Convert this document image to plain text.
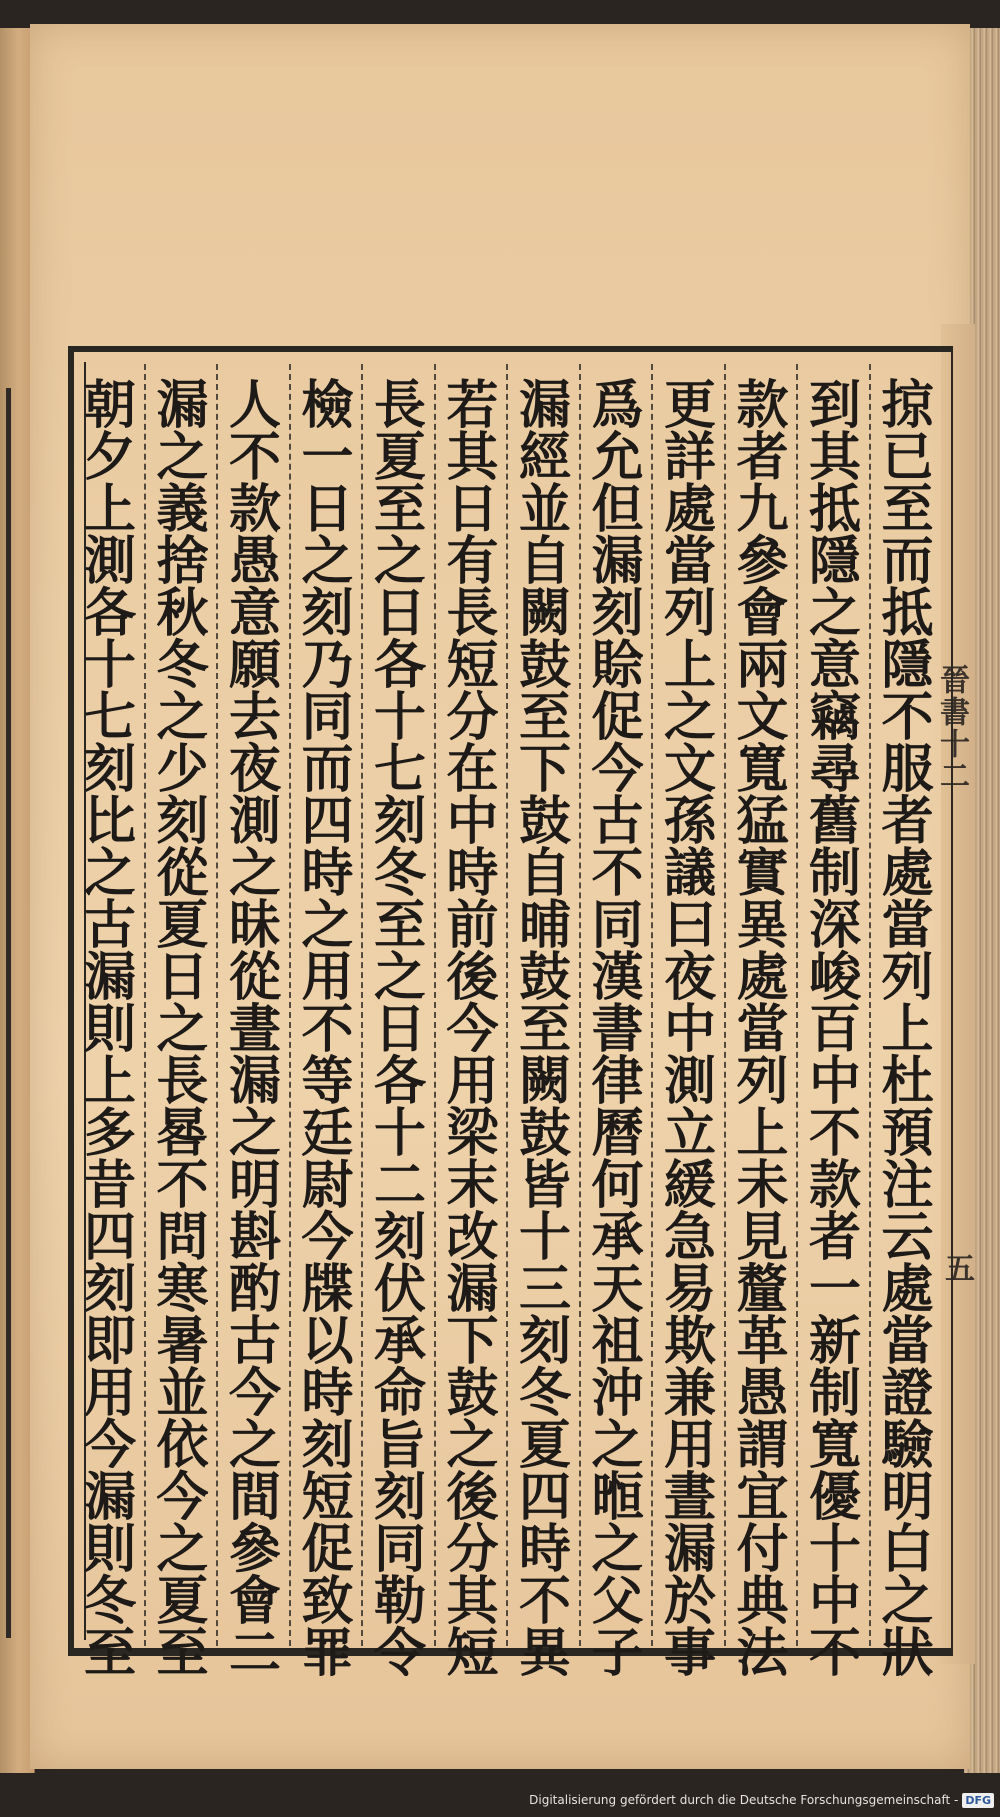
晉書十二
五
掠
已
至
而
抵
隱
不
服
者
處
當
列
上
杜
預
注
云
處
當
證
驗
明
白
之
狀
到
其
抵
隱
之
意
竊
尋
舊
制
深
峻
百
中
不
款
者
一
新
制
寬
優
十
中
不
款
者
九
參
會
兩
文
寬
猛
實
異
處
當
列
上
未
見
釐
革
愚
謂
宜
付
典
法
更
詳
處
當
列
上
之
文
孫
議
曰
夜
中
測
立
緩
急
易
欺
兼
用
晝
漏
於
事
爲
允
但
漏
刻
賒
促
今
古
不
同
漢
書
律
曆
何
承
天
祖
沖
之
暅
之
父
子
漏
經
並
自
闕
鼓
至
下
鼓
自
晡
鼓
至
闕
鼓
皆
十
三
刻
冬
夏
四
時
不
異
若
其
日
有
長
短
分
在
中
時
前
後
今
用
梁
末
改
漏
下
鼓
之
後
分
其
短
長
夏
至
之
日
各
十
七
刻
冬
至
之
日
各
十
二
刻
伏
承
命
旨
刻
同
勒
令
檢
一
日
之
刻
乃
同
而
四
時
之
用
不
等
廷
尉
今
牒
以
時
刻
短
促
致
罪
人
不
款
愚
意
願
去
夜
測
之
昧
從
晝
漏
之
明
斟
酌
古
今
之
間
參
會
二
漏
之
義
捨
秋
冬
之
少
刻
從
夏
日
之
長
晷
不
問
寒
暑
並
依
今
之
夏
至
朝
夕
上
測
各
十
七
刻
比
之
古
漏
則
上
多
昔
四
刻
即
用
今
漏
則
冬
至
Digitalisierung gefördert durch die Deutsche Forschungsgemeinschaft - DFG
